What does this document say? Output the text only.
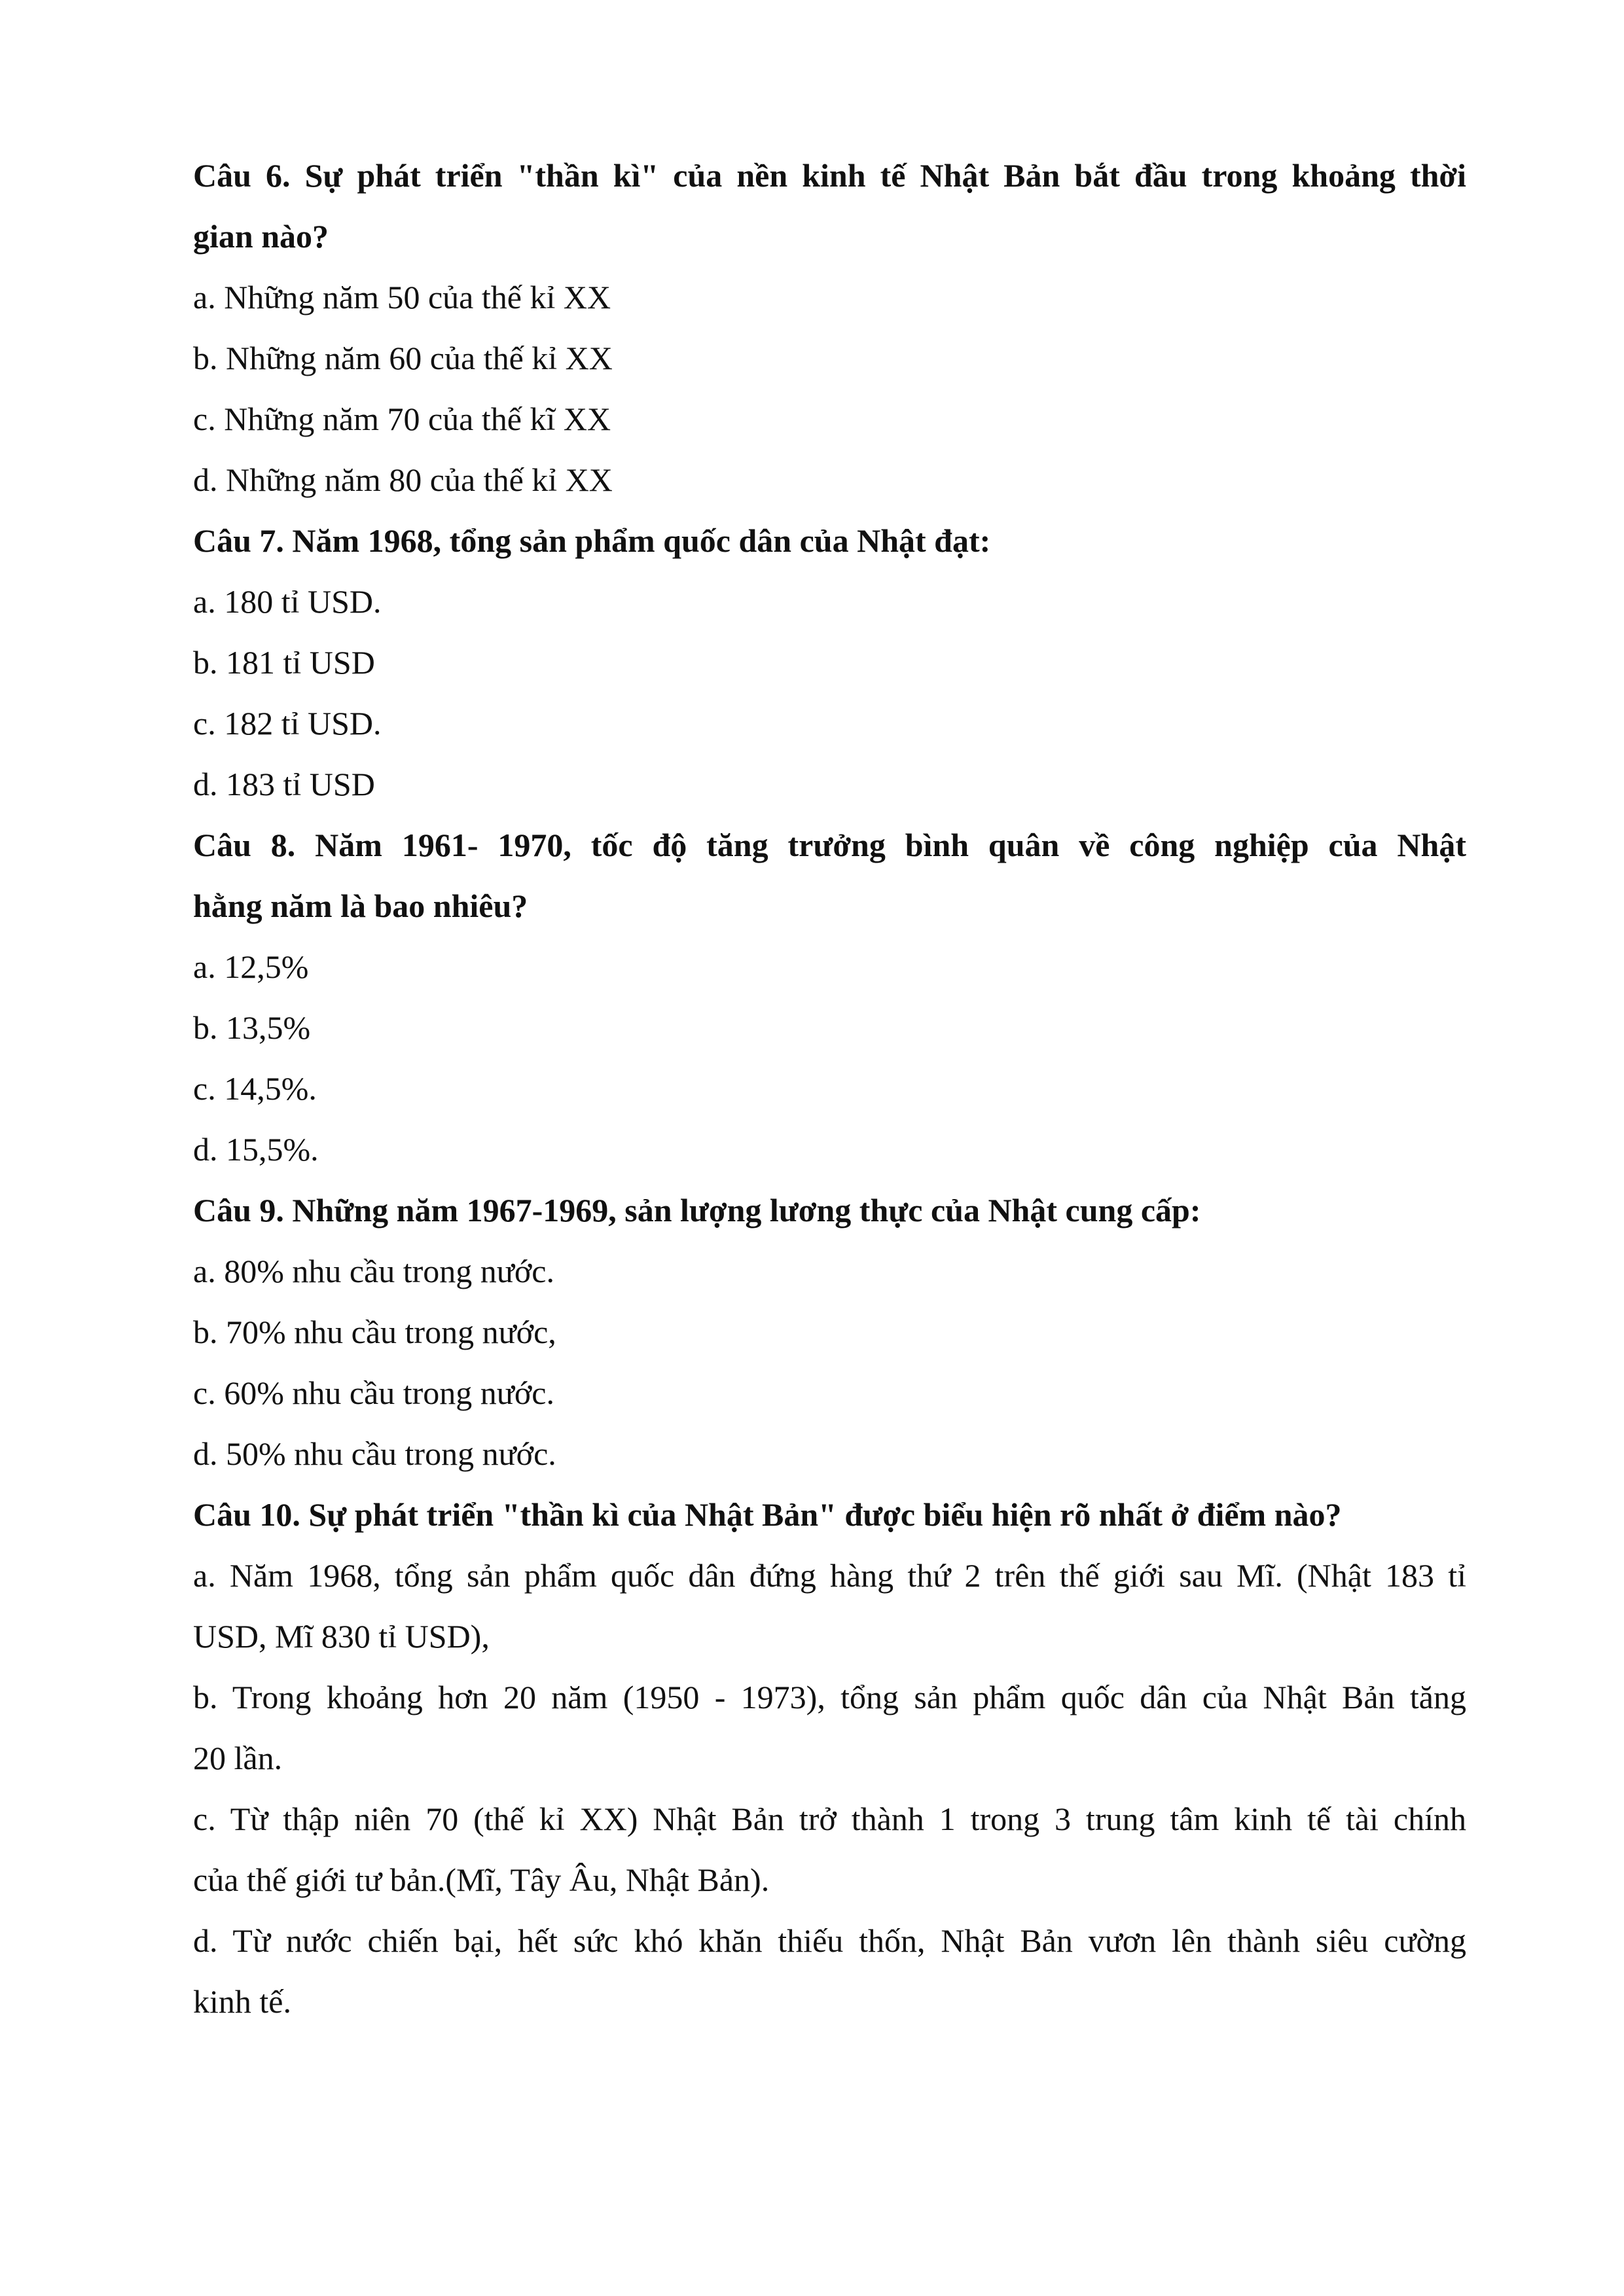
Câu 6. Sự phát triển "thần kì" của nền kinh tế Nhật Bản bắt đầu trong khoảng thời
gian nào?
a. Những năm 50 của thế kỉ XX
b. Những năm 60 của thế kỉ XX
c. Những năm 70 của thế kĩ XX
d. Những năm 80 của thế kỉ XX
Câu 7. Năm 1968, tổng sản phẩm quốc dân của Nhật đạt:
a. 180 tỉ USD.
b. 181 tỉ USD
c. 182 tỉ USD.
d. 183 tỉ USD
Câu 8. Năm 1961- 1970, tốc độ tăng trưởng bình quân về công nghiệp của Nhật
hằng năm là bao nhiêu?
a. 12,5%
b. 13,5%
c. 14,5%.
d. 15,5%.
Câu 9. Những năm 1967-1969, sản lượng lương thực của Nhật cung cấp:
a. 80% nhu cầu trong nước.
b. 70% nhu cầu trong nước,
c. 60% nhu cầu trong nước.
d. 50% nhu cầu trong nước.
Câu 10. Sự phát triển "thần kì của Nhật Bản" được biểu hiện rõ nhất ở điểm nào?
a. Năm 1968, tổng sản phẩm quốc dân đứng hàng thứ 2 trên thế giới sau Mĩ. (Nhật 183 tỉ
USD, Mĩ 830 tỉ USD),
b. Trong khoảng hơn 20 năm (1950 - 1973), tổng sản phẩm quốc dân của Nhật Bản tăng
20 lần.
c. Từ thập niên 70 (thế kỉ XX) Nhật Bản trở thành 1 trong 3 trung tâm kinh tế tài chính
của thế giới tư bản.(Mĩ, Tây Âu, Nhật Bản).
d. Từ nước chiến bại, hết sức khó khăn thiếu thốn, Nhật Bản vươn lên thành siêu cường
kinh tế.
